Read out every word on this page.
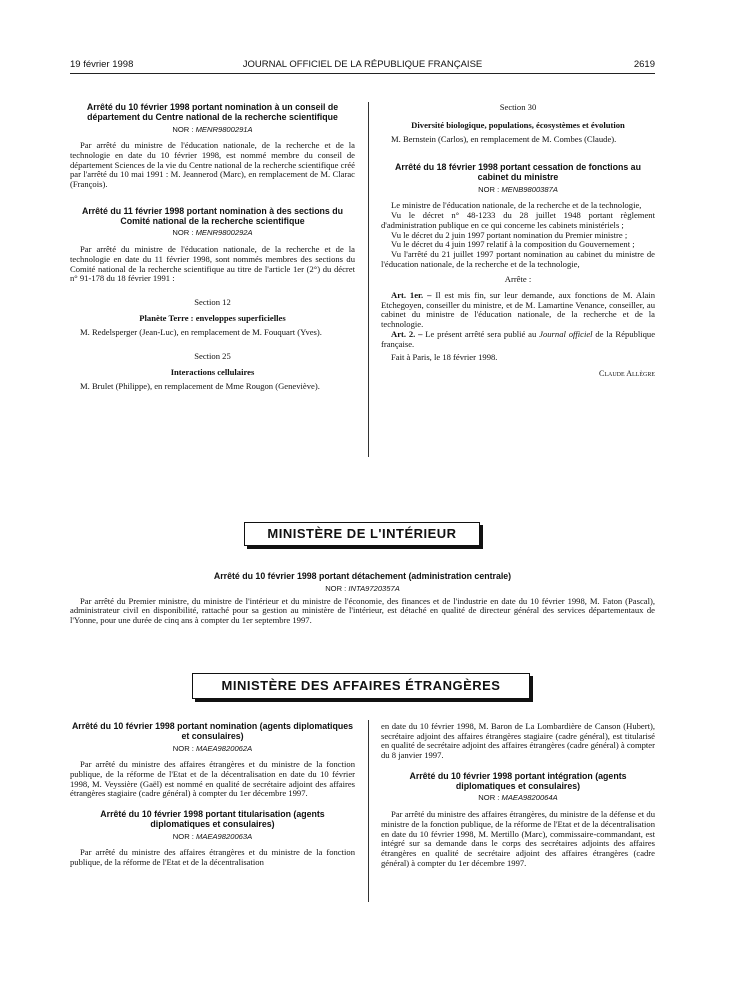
19 février 1998	JOURNAL OFFICIEL DE LA RÉPUBLIQUE FRANÇAISE	2619

Arrêté du 10 février 1998 portant nomination à un conseil de département du Centre national de la recherche scientifique

NOR : MENR9800291A

Par arrêté du ministre de l'éducation nationale, de la recherche et de la technologie en date du 10 février 1998, est nommé membre du conseil de département Sciences de la vie du Centre national de la recherche scientifique créé par l'arrêté du 10 mai 1991 : M. Jeannerod (Marc), en remplacement de M. Clarac (François).

Arrêté du 11 février 1998 portant nomination à des sections du Comité national de la recherche scientifique

NOR : MENR9800292A

Par arrêté du ministre de l'éducation nationale, de la recherche et de la technologie en date du 11 février 1998, sont nommés membres des sections du Comité national de la recherche scientifique au titre de l'article 1er (2°) du décret n° 91-178 du 18 février 1991 :

Section 12
Planète Terre : enveloppes superficielles

M. Redelsperger (Jean-Luc), en remplacement de M. Fouquart (Yves).

Section 25
Interactions cellulaires

M. Brulet (Philippe), en remplacement de Mme Rougon (Geneviève).

Section 30
Diversité biologique, populations, écosystèmes et évolution

M. Bernstein (Carlos), en remplacement de M. Combes (Claude).

Arrêté du 18 février 1998 portant cessation de fonctions au cabinet du ministre

NOR : MENB9800387A

Le ministre de l'éducation nationale, de la recherche et de la technologie,

Vu le décret n° 48-1233 du 28 juillet 1948 portant règlement d'administration publique en ce qui concerne les cabinets ministériels ;

Vu le décret du 2 juin 1997 portant nomination du Premier ministre ;

Vu le décret du 4 juin 1997 relatif à la composition du Gouvernement ;

Vu l'arrêté du 21 juillet 1997 portant nomination au cabinet du ministre de l'éducation nationale, de la recherche et de la technologie,

Arrête :

Art. 1er. – Il est mis fin, sur leur demande, aux fonctions de M. Alain Etchegoyen, conseiller du ministre, et de M. Lamartine Venance, conseiller, au cabinet du ministre de l'éducation nationale, de la recherche et de la technologie.

Art. 2. – Le présent arrêté sera publié au Journal officiel de la République française.

Fait à Paris, le 18 février 1998.

Claude Allègre
MINISTÈRE DE L'INTÉRIEUR

Arrêté du 10 février 1998 portant détachement (administration centrale)

NOR : INTA9720357A

Par arrêté du Premier ministre, du ministre de l'intérieur et du ministre de l'économie, des finances et de l'industrie en date du 10 février 1998, M. Faton (Pascal), administrateur civil en disponibilité, rattaché pour sa gestion au ministère de l'intérieur, est détaché en qualité de directeur général des services départementaux de l'Yonne, pour une durée de cinq ans à compter du 1er septembre 1997.

MINISTÈRE DES AFFAIRES ÉTRANGÈRES

Arrêté du 10 février 1998 portant nomination (agents diplomatiques et consulaires)

NOR : MAEA9820062A

Par arrêté du ministre des affaires étrangères et du ministre de la fonction publique, de la réforme de l'Etat et de la décentralisation en date du 10 février 1998, M. Veyssière (Gaël) est nommé en qualité de secrétaire adjoint des affaires étrangères stagiaire (cadre général) à compter du 1er décembre 1997.

Arrêté du 10 février 1998 portant titularisation (agents diplomatiques et consulaires)

NOR : MAEA9820063A

Par arrêté du ministre des affaires étrangères et du ministre de la fonction publique, de la réforme de l'Etat et de la décentralisation

en date du 10 février 1998, M. Baron de La Lombardière de Canson (Hubert), secrétaire adjoint des affaires étrangères stagiaire (cadre général), est titularisé en qualité de secrétaire adjoint des affaires étrangères (cadre général) à compter du 8 janvier 1997.

Arrêté du 10 février 1998 portant intégration (agents diplomatiques et consulaires)

NOR : MAEA9820064A

Par arrêté du ministre des affaires étrangères, du ministre de la défense et du ministre de la fonction publique, de la réforme de l'Etat et de la décentralisation en date du 10 février 1998, M. Mertillo (Marc), commissaire-commandant, est intégré sur sa demande dans le corps des secrétaires adjoints des affaires étrangères en qualité de secrétaire adjoint des affaires étrangères (cadre général) à compter du 1er décembre 1997.
